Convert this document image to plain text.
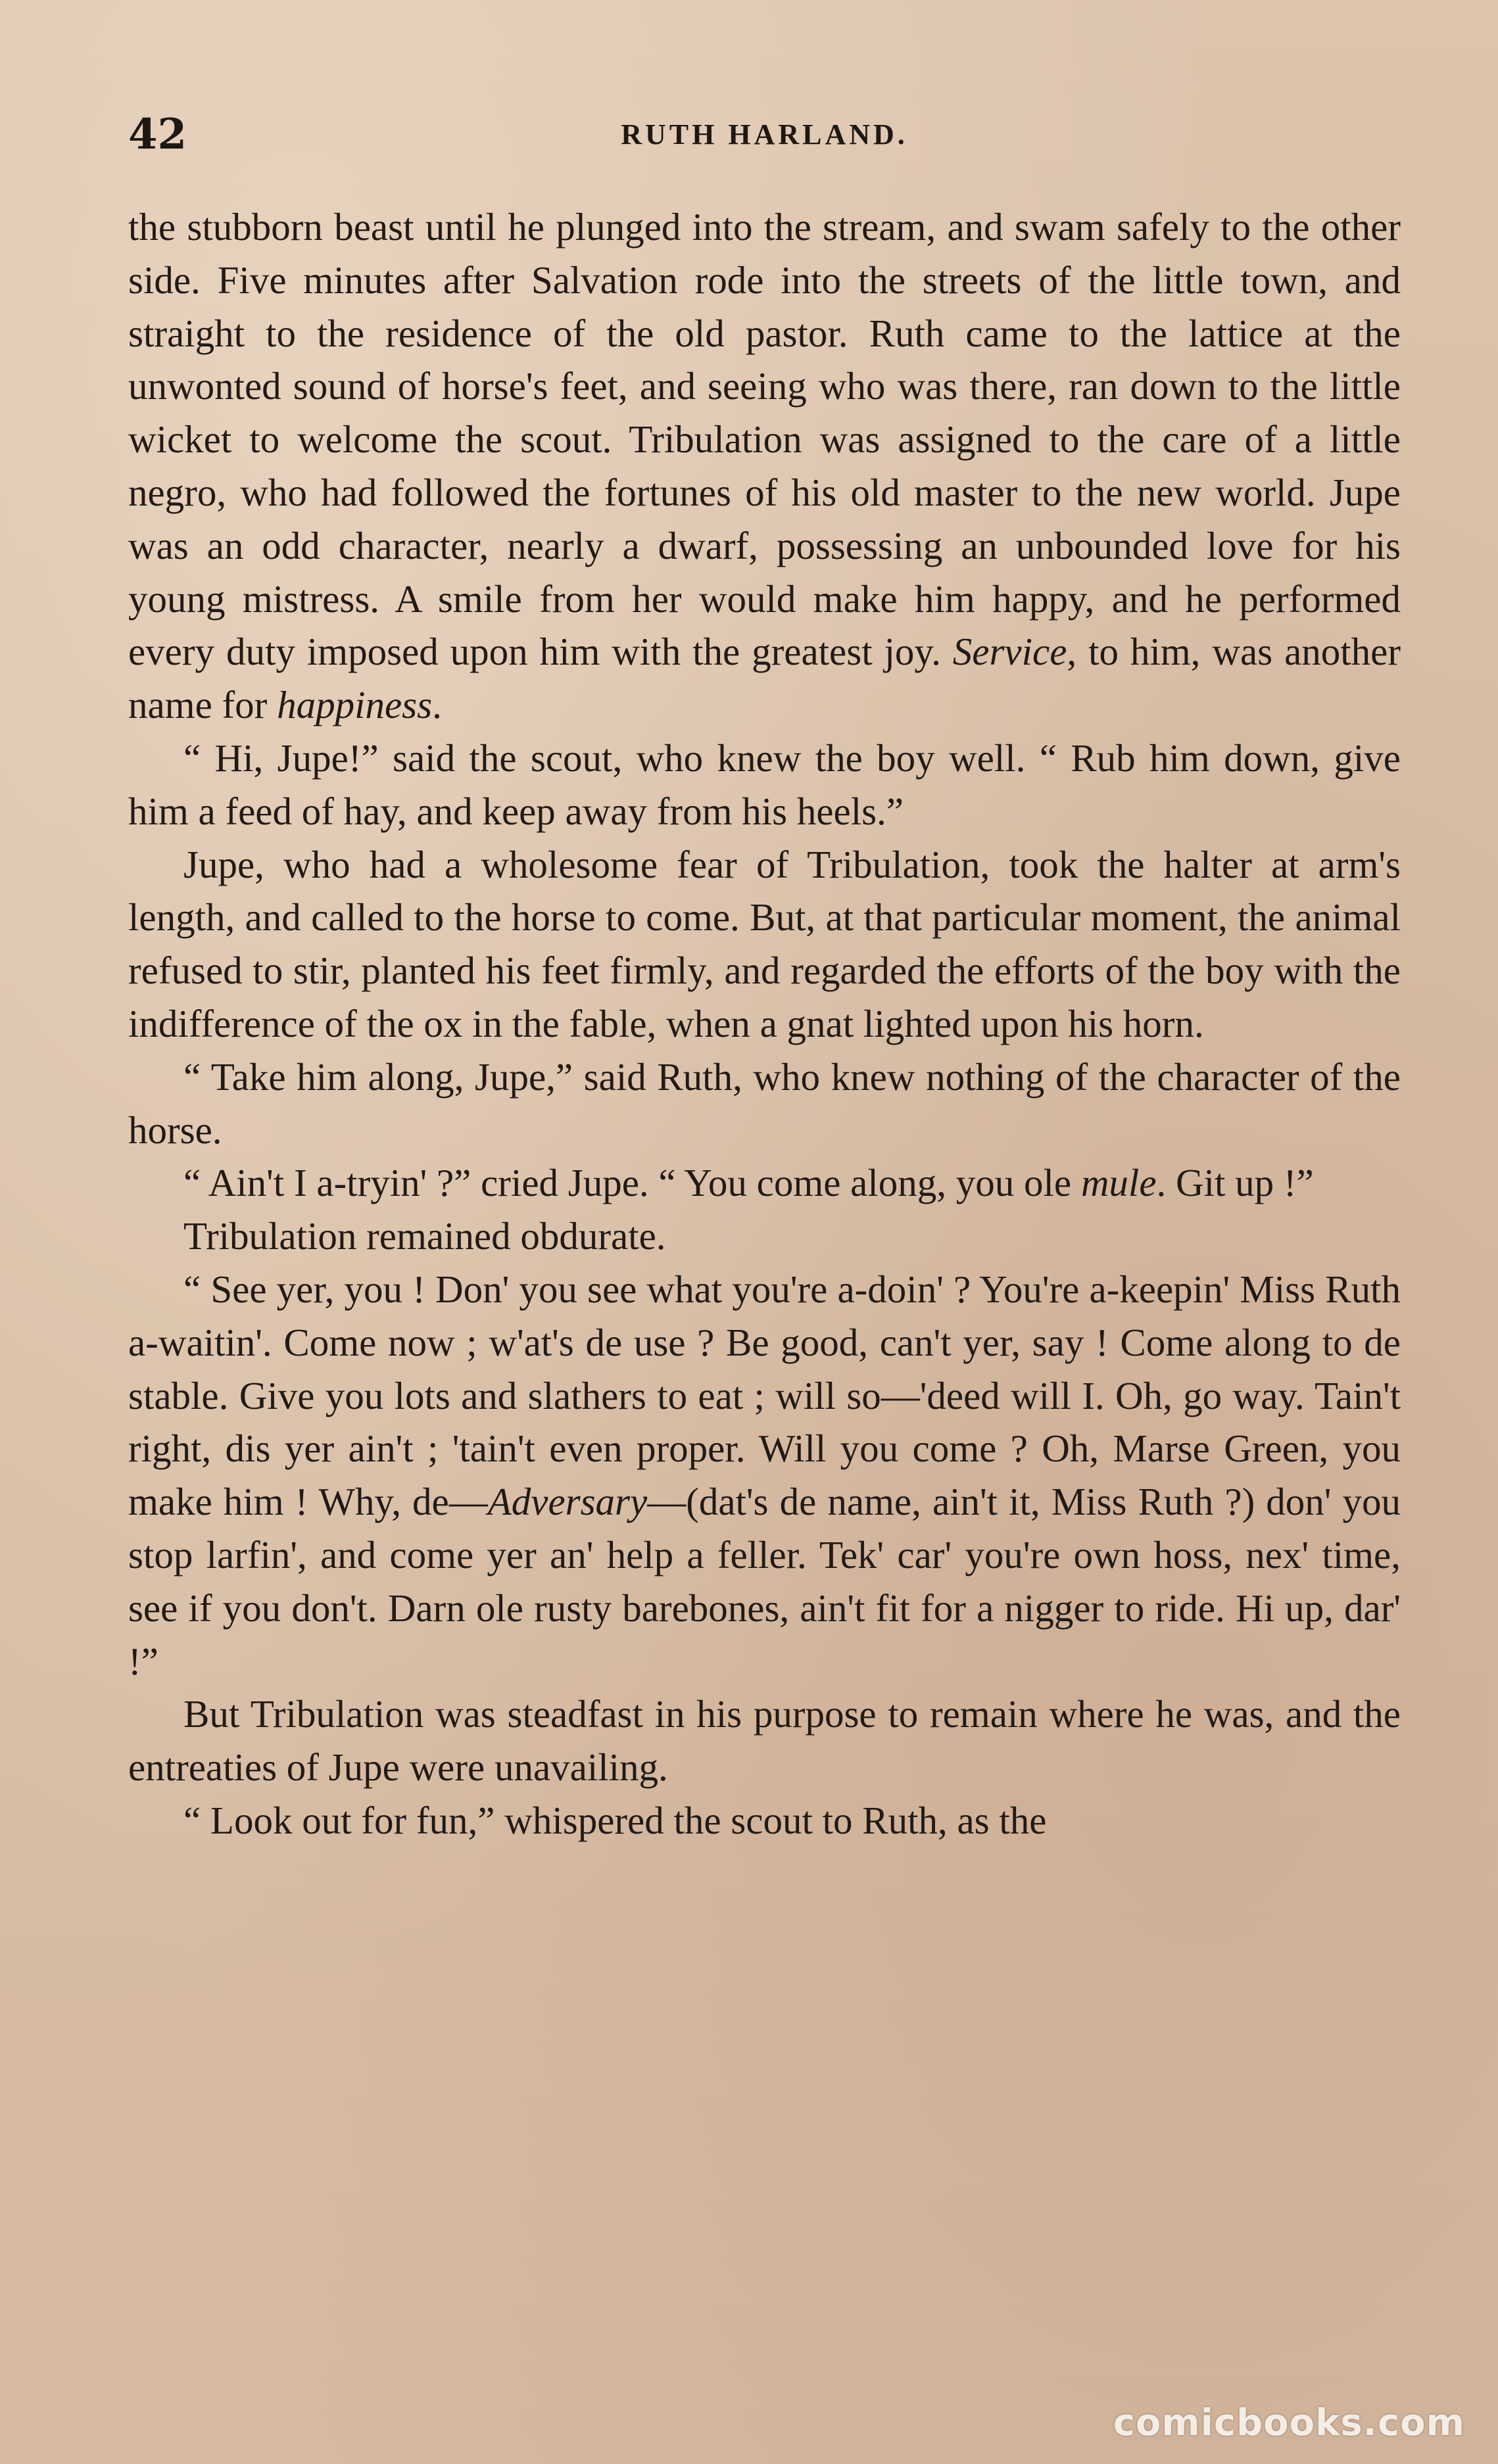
42	RUTH HARLAND.

the stubborn beast until he plunged into the stream, and swam safely to the other side. Five minutes after Salvation rode into the streets of the little town, and straight to the residence of the old pastor. Ruth came to the lattice at the unwonted sound of horse's feet, and seeing who was there, ran down to the little wicket to welcome the scout. Tribulation was assigned to the care of a little negro, who had followed the fortunes of his old master to the new world. Jupe was an odd character, nearly a dwarf, possessing an unbounded love for his young mistress. A smile from her would make him happy, and he performed every duty imposed upon him with the greatest joy. Service, to him, was another name for happiness.

“ Hi, Jupe!” said the scout, who knew the boy well. “ Rub him down, give him a feed of hay, and keep away from his heels.”

Jupe, who had a wholesome fear of Tribulation, took the halter at arm's length, and called to the horse to come. But, at that particular moment, the animal refused to stir, planted his feet firmly, and regarded the efforts of the boy with the indifference of the ox in the fable, when a gnat lighted upon his horn.

“ Take him along, Jupe,” said Ruth, who knew nothing of the character of the horse.

“ Ain't I a-tryin' ?” cried Jupe. “ You come along, you ole mule. Git up !”

Tribulation remained obdurate.

“ See yer, you ! Don' you see what you're a-doin' ? You're a-keepin' Miss Ruth a-waitin'. Come now ; w'at's de use ? Be good, can't yer, say ! Come along to de stable. Give you lots and slathers to eat ; will so—'deed will I. Oh, go way. Tain't right, dis yer ain't ; 'tain't even proper. Will you come ? Oh, Marse Green, you make him ! Why, de—Adversary—(dat's de name, ain't it, Miss Ruth ?) don' you stop larfin', and come yer an' help a feller. Tek' car' you're own hoss, nex' time, see if you don't. Darn ole rusty barebones, ain't fit for a nigger to ride. Hi up, dar' !”

But Tribulation was steadfast in his purpose to remain where he was, and the entreaties of Jupe were unavailing.

“ Look out for fun,” whispered the scout to Ruth, as the

comicbooks.com
